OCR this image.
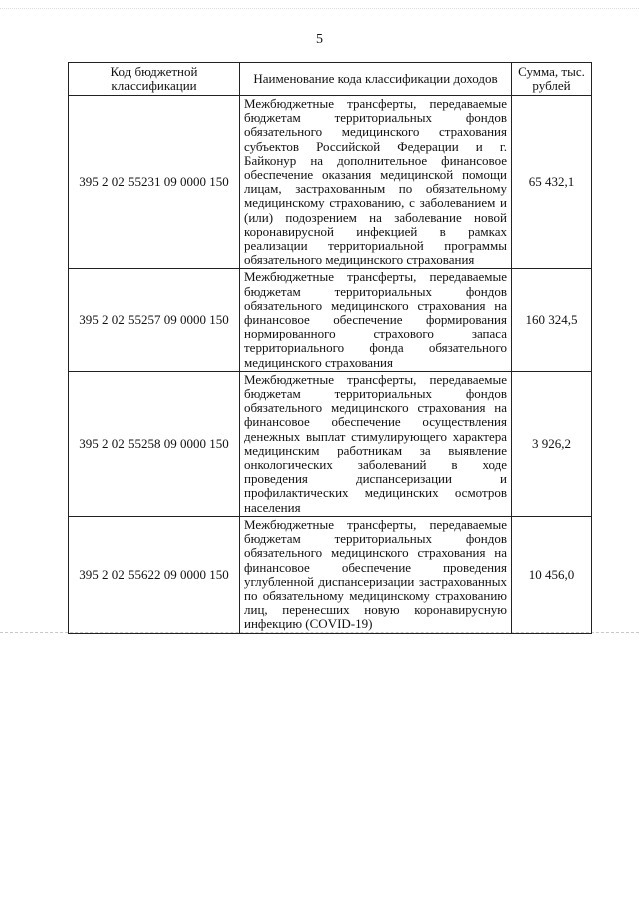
5
Код бюджетной классификации	Наименование кода классификации доходов	Сумма, тыс. рублей
395 2 02 55231 09 0000 150	Межбюджетные трансферты, передаваемые бюджетам территориальных фондов обязательного медицинского страхования субъектов Российской Федерации и г. Байконур на дополнительное финансовое обеспечение оказания медицинской помощи лицам, застрахованным по обязательному медицинскому страхованию, с заболеванием и (или) подозрением на заболевание новой коронавирусной инфекцией в рамках реализации территориальной программы обязательного медицинского страхования	65 432,1
395 2 02 55257 09 0000 150	Межбюджетные трансферты, передаваемые бюджетам территориальных фондов обязательного медицинского страхования на финансовое обеспечение формирования нормированного страхового запаса территориального фонда обязательного медицинского страхования	160 324,5
395 2 02 55258 09 0000 150	Межбюджетные трансферты, передаваемые бюджетам территориальных фондов обязательного медицинского страхования на финансовое обеспечение осуществления денежных выплат стимулирующего характера медицинским работникам за выявление онкологических заболеваний в ходе проведения диспансеризации и профилактических медицинских осмотров населения	3 926,2
395 2 02 55622 09 0000 150	Межбюджетные трансферты, передаваемые бюджетам территориальных фондов обязательного медицинского страхования на финансовое обеспечение проведения углубленной диспансеризации застрахованных по обязательному медицинскому страхованию лиц, перенесших новую коронавирусную инфекцию (COVID-19)	10 456,0
